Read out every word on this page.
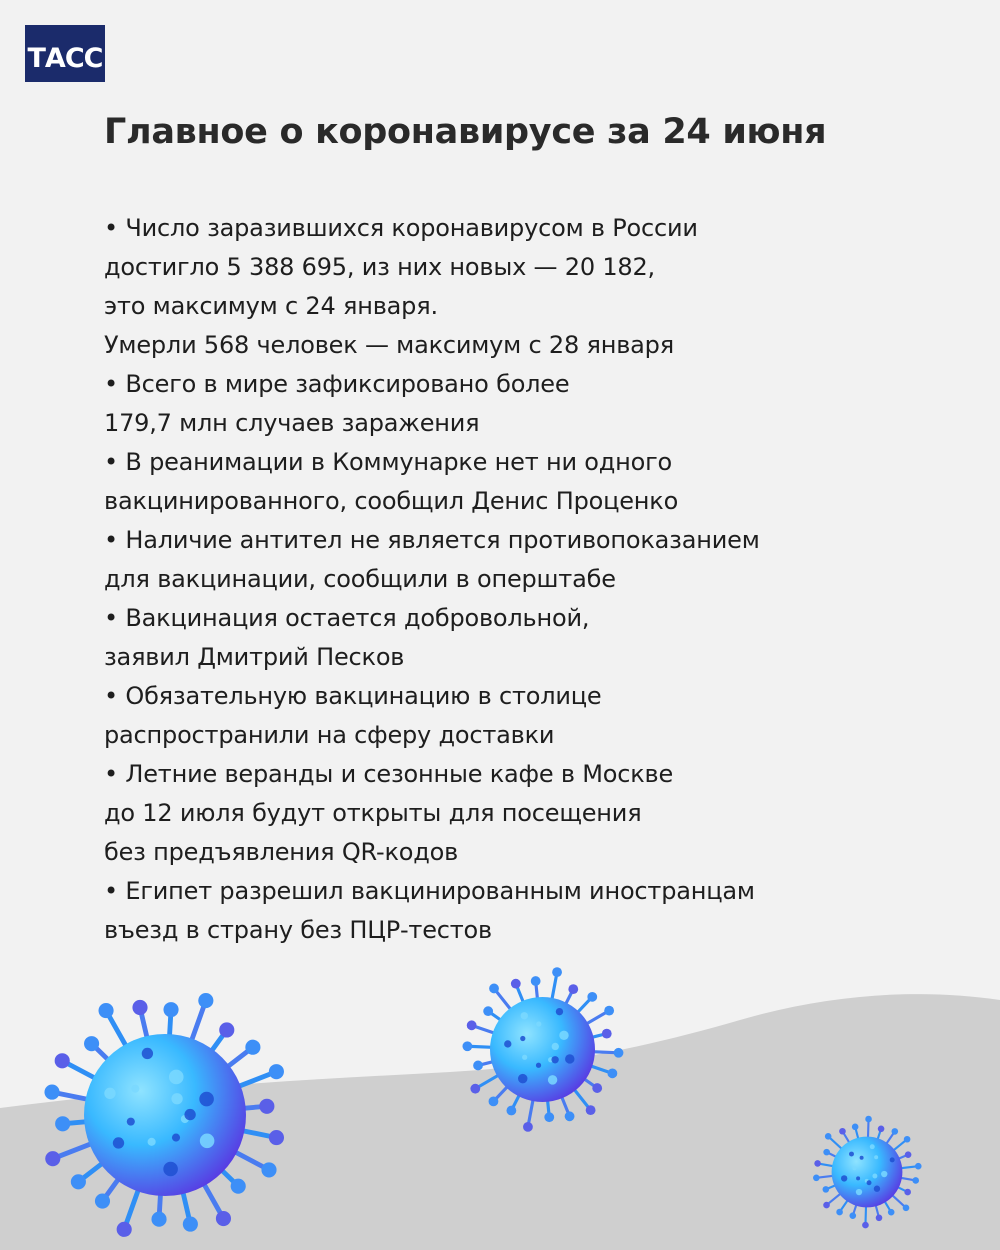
ТАСС
Главное о коронавирусе за 24 июня
• Число заразившихся коронавирусом в России
достигло 5 388 695, из них новых — 20 182,
это максимум с 24 января.
Умерли 568 человек — максимум с 28 января
• Всего в мире зафиксировано более
179,7 млн случаев заражения
• В реанимации в Коммунарке нет ни одного
вакцинированного, сообщил Денис Проценко
• Наличие антител не является противопоказанием
для вакцинации, сообщили в оперштабе
• Вакцинация остается добровольной,
заявил Дмитрий Песков
• Обязательную вакцинацию в столице
распространили на сферу доставки
• Летние веранды и сезонные кафе в Москве
до 12 июля будут открыты для посещения
без предъявления QR-кодов
• Египет разрешил вакцинированным иностранцам
въезд в страну без ПЦР-тестов
